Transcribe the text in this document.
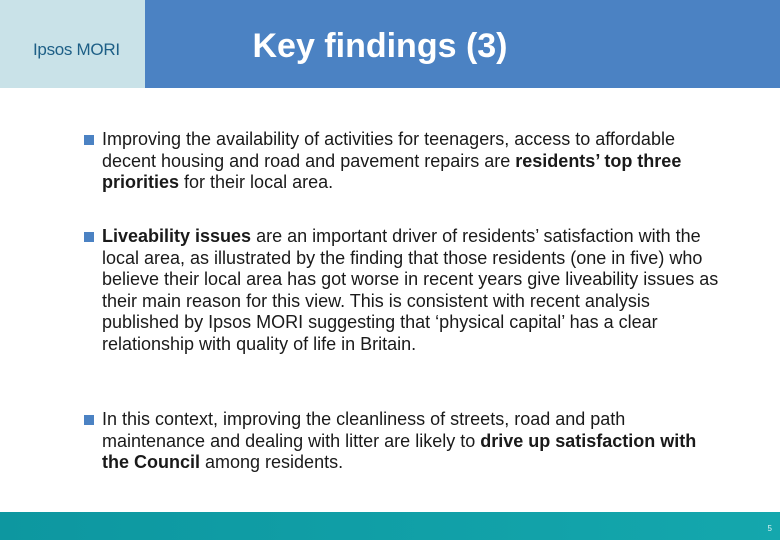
Ipsos MORI	Key findings (3)
Improving the availability of activities for teenagers, access to affordable decent housing and road and pavement repairs are residents’ top three priorities for their local area.
Liveability issues are an important driver of residents’ satisfaction with the local area, as illustrated by the finding that those residents (one in five) who believe their local area has got worse in recent years give liveability issues as their main reason for this view. This is consistent with recent analysis published by Ipsos MORI suggesting that ‘physical capital’ has a clear relationship with quality of life in Britain.
In this context, improving the cleanliness of streets, road and path maintenance and dealing with litter are likely to drive up satisfaction with the Council among residents.
5
